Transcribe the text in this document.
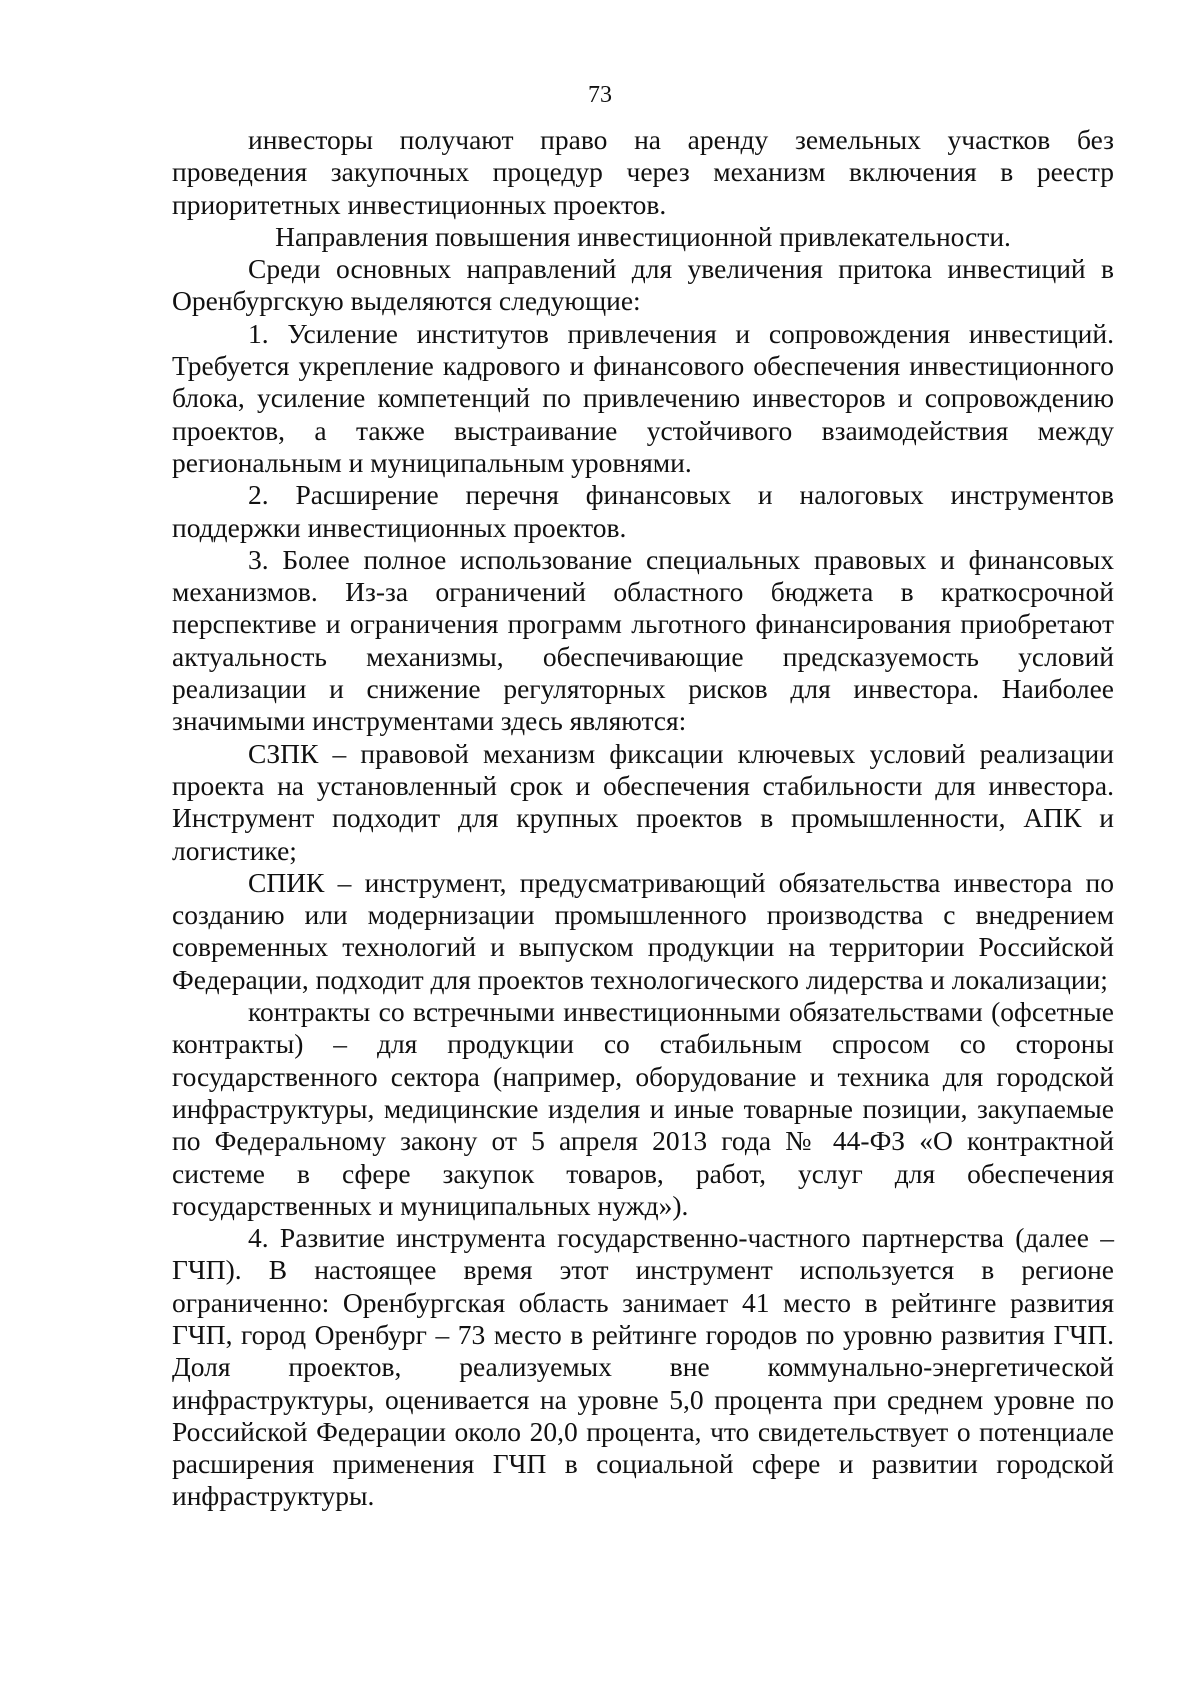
73

инвесторы получают право на аренду земельных участков без проведения закупочных процедур через механизм включения в реестр приоритетных инвестиционных проектов.

Направления повышения инвестиционной привлекательности.

Среди основных направлений для увеличения притока инвестиций в Оренбургскую выделяются следующие:

1. Усиление институтов привлечения и сопровождения инвестиций. Требуется укрепление кадрового и финансового обеспечения инвестиционного блока, усиление компетенций по привлечению инвесторов и сопровождению проектов, а также выстраивание устойчивого взаимодействия между региональным и муниципальным уровнями.

2. Расширение перечня финансовых и налоговых инструментов поддержки инвестиционных проектов.

3. Более полное использование специальных правовых и финансовых механизмов. Из-за ограничений областного бюджета в краткосрочной перспективе и ограничения программ льготного финансирования приобретают актуальность механизмы, обеспечивающие предсказуемость условий реализации и снижение регуляторных рисков для инвестора. Наиболее значимыми инструментами здесь являются:

СЗПК – правовой механизм фиксации ключевых условий реализации проекта на установленный срок и обеспечения стабильности для инвестора. Инструмент подходит для крупных проектов в промышленности, АПК и логистике;

СПИК – инструмент, предусматривающий обязательства инвестора по созданию или модернизации промышленного производства с внедрением современных технологий и выпуском продукции на территории Российской Федерации, подходит для проектов технологического лидерства и локализации;

контракты со встречными инвестиционными обязательствами (офсетные контракты) – для продукции со стабильным спросом со стороны государственного сектора (например, оборудование и техника для городской инфраструктуры, медицинские изделия и иные товарные позиции, закупаемые по Федеральному закону от 5 апреля 2013 года № 44-ФЗ «О контрактной системе в сфере закупок товаров, работ, услуг для обеспечения государственных и муниципальных нужд»).

4. Развитие инструмента государственно-частного партнерства (далее – ГЧП). В настоящее время этот инструмент используется в регионе ограниченно: Оренбургская область занимает 41 место в рейтинге развития ГЧП, город Оренбург – 73 место в рейтинге городов по уровню развития ГЧП. Доля проектов, реализуемых вне коммунально-энергетической инфраструктуры, оценивается на уровне 5,0 процента при среднем уровне по Российской Федерации около 20,0 процента, что свидетельствует о потенциале расширения применения ГЧП в социальной сфере и развитии городской инфраструктуры.
